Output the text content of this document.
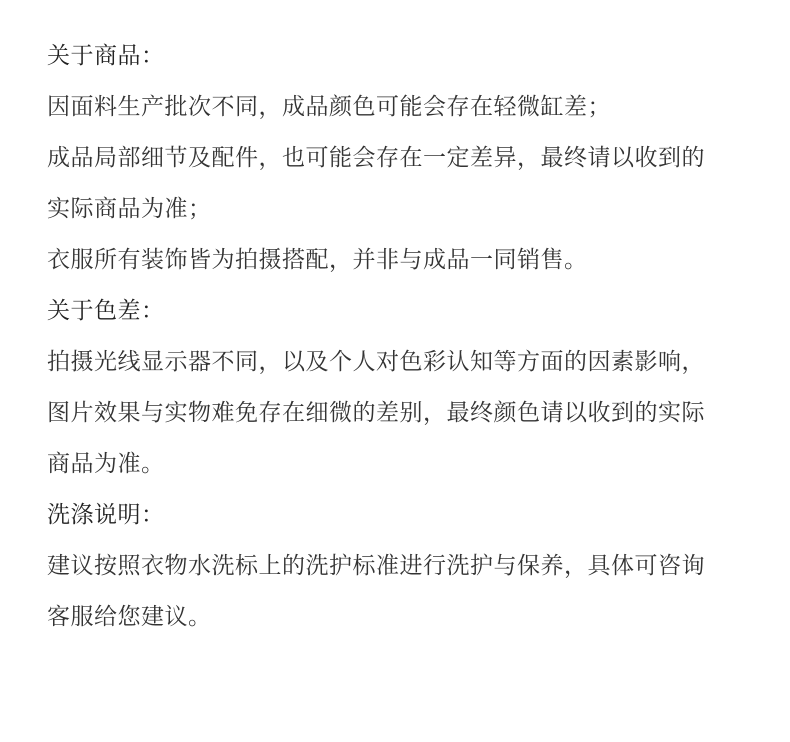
关于商品：
因面料生产批次不同，成品颜色可能会存在轻微缸差；
成品局部细节及配件，也可能会存在一定差异，最终请以收到的
实际商品为准；
衣服所有装饰皆为拍摄搭配，并非与成品一同销售。
关于色差：
拍摄光线显示器不同，以及个人对色彩认知等方面的因素影响，
图片效果与实物难免存在细微的差别，最终颜色请以收到的实际
商品为准。
洗涤说明：
建议按照衣物水洗标上的洗护标准进行洗护与保养，具体可咨询
客服给您建议。
